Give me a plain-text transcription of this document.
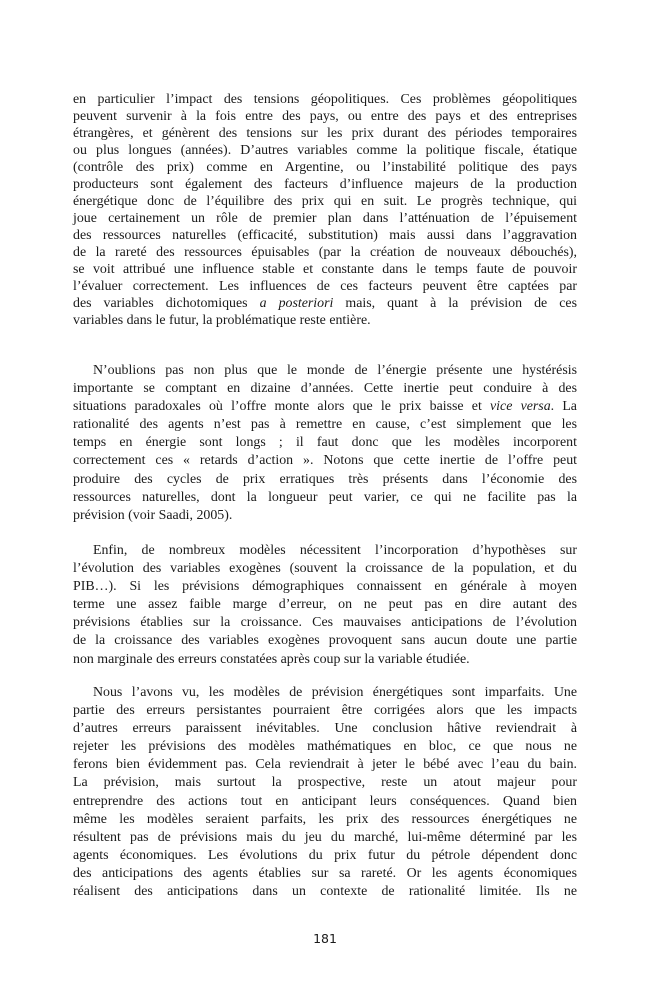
en particulier l’impact des tensions géopolitiques. Ces problèmes géopolitiques
peuvent survenir à la fois entre des pays, ou entre des pays et des entreprises
étrangères, et génèrent des tensions sur les prix durant des périodes temporaires
ou plus longues (années). D’autres variables comme la politique fiscale, étatique
(contrôle des prix) comme en Argentine, ou l’instabilité politique des pays
producteurs sont également des facteurs d’influence majeurs de la production
énergétique donc de l’équilibre des prix qui en suit. Le progrès technique, qui
joue certainement un rôle de premier plan dans l’atténuation de l’épuisement
des ressources naturelles (efficacité, substitution) mais aussi dans l’aggravation
de la rareté des ressources épuisables (par la création de nouveaux débouchés),
se voit attribué une influence stable et constante dans le temps faute de pouvoir
l’évaluer correctement. Les influences de ces facteurs peuvent être captées par
des variables dichotomiques a posteriori mais, quant à la prévision de ces
variables dans le futur, la problématique reste entière.
N’oublions pas non plus que le monde de l’énergie présente une hystérésis
importante se comptant en dizaine d’années. Cette inertie peut conduire à des
situations paradoxales où l’offre monte alors que le prix baisse et vice versa. La
rationalité des agents n’est pas à remettre en cause, c’est simplement que les
temps en énergie sont longs ; il faut donc que les modèles incorporent
correctement ces « retards d’action ». Notons que cette inertie de l’offre peut
produire des cycles de prix erratiques très présents dans l’économie des
ressources naturelles, dont la longueur peut varier, ce qui ne facilite pas la
prévision (voir Saadi, 2005).
Enfin, de nombreux modèles nécessitent l’incorporation d’hypothèses sur
l’évolution des variables exogènes (souvent la croissance de la population, et du
PIB…). Si les prévisions démographiques connaissent en générale à moyen
terme une assez faible marge d’erreur, on ne peut pas en dire autant des
prévisions établies sur la croissance. Ces mauvaises anticipations de l’évolution
de la croissance des variables exogènes provoquent sans aucun doute une partie
non marginale des erreurs constatées après coup sur la variable étudiée.
Nous l’avons vu, les modèles de prévision énergétiques sont imparfaits. Une
partie des erreurs persistantes pourraient être corrigées alors que les impacts
d’autres erreurs paraissent inévitables. Une conclusion hâtive reviendrait à
rejeter les prévisions des modèles mathématiques en bloc, ce que nous ne
ferons bien évidemment pas. Cela reviendrait à jeter le bébé avec l’eau du bain.
La prévision, mais surtout la prospective, reste un atout majeur pour
entreprendre des actions tout en anticipant leurs conséquences. Quand bien
même les modèles seraient parfaits, les prix des ressources énergétiques ne
résultent pas de prévisions mais du jeu du marché, lui-même déterminé par les
agents économiques. Les évolutions du prix futur du pétrole dépendent donc
des anticipations des agents établies sur sa rareté. Or les agents économiques
réalisent des anticipations dans un contexte de rationalité limitée. Ils ne
181
